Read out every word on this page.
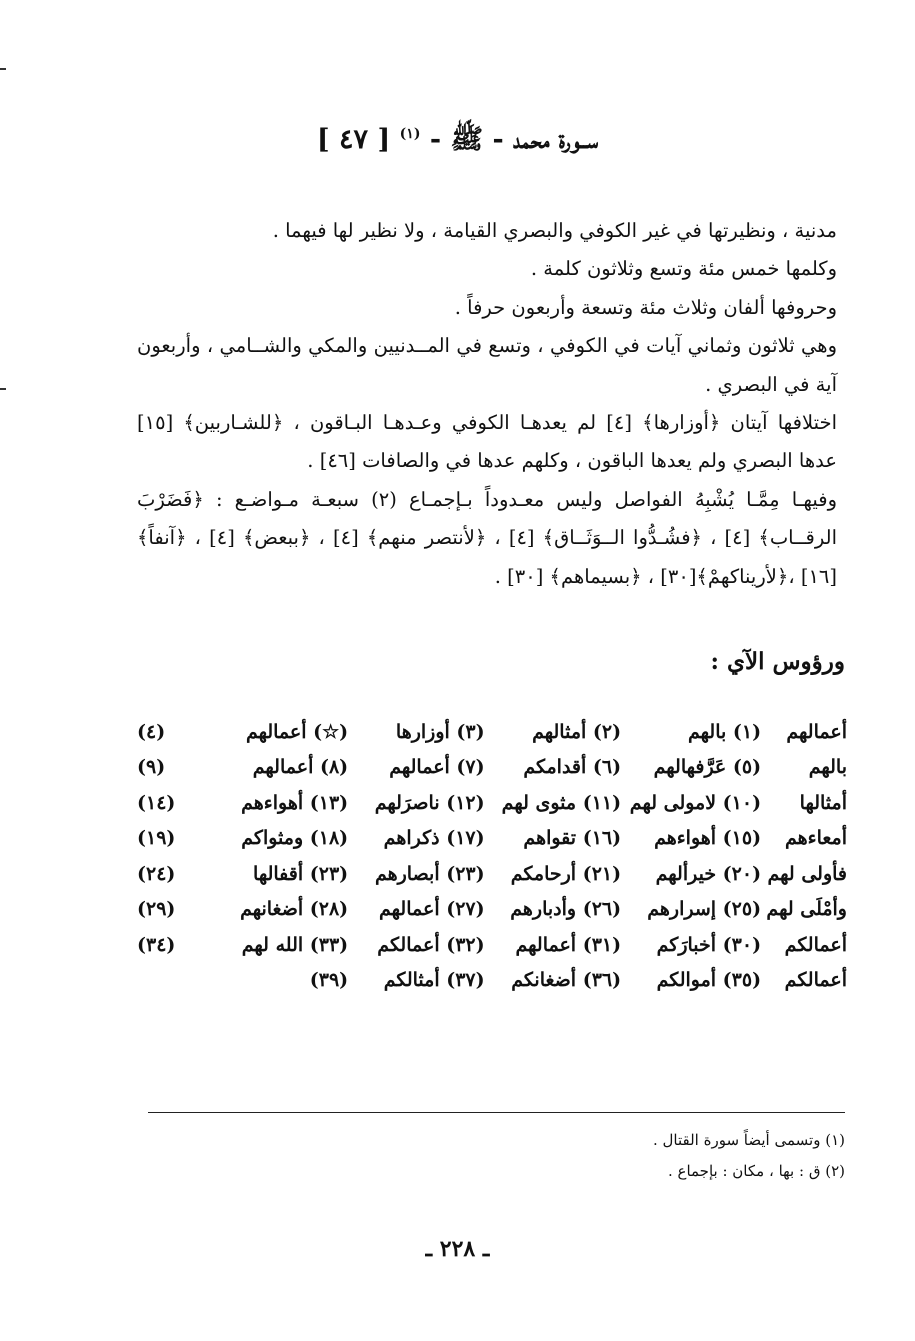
ســورة محمد - ﷺ - $^{(١)}$ [ ٤٧ ]

مدنية ، ونظيرتها في غير الكوفي والبصري القيامة ، ولا نظير لها فيهما .

وكلمها خمس مئة وتسع وثلاثون كلمة .

وحروفها ألفان وثلاث مئة وتسعة وأربعون حرفاً .

وهي ثلاثون وثماني آيات في الكوفي ، وتسع في المــدنيين والمكي والشــامي ، وأربعون آية في البصري .

اختلافها آيتان ﴿أوزارها﴾ [٤] لم يعدهـا الكوفي وعـدهـا البـاقون ، ﴿للشـاربين﴾ [١٥] عدها البصري ولم يعدها الباقون ، وكلهم عدها في والصافات [٤٦] .

وفيهـا مِمَّـا يُشْبِهُ الفواصل وليس معـدوداً بـإجمـاع (٢) سبعـة مـواضـع : ﴿فَضَرْبَ الرقــاب﴾ [٤] ، ﴿فشُـدُّوا الــوَثَــاق﴾ [٤] ، ﴿لأنتصر منهم﴾ [٤] ، ﴿ببعض﴾ [٤] ، ﴿آنفاً﴾ [١٦] ،﴿لأريناكهمْ﴾[٣٠] ، ﴿بسيماهم﴾ [٣٠] .

ورؤوس الآي :
أعمالهم	(١) بالهم	(٢) أمثالهم	(٣) أوزارها	(☆) أعمالهم	(٤)
بالهم	(٥) عَرَّفهالهم	(٦) أقدامكم	(٧) أعمالهم	(٨) أعمالهم	(٩)
أمثالها	(١٠) لامولى لهم	(١١) مثوى لهم	(١٢) ناصرَلهم	(١٣) أهواءهم	(١٤)
أمعاءهم	(١٥) أهواءهم	(١٦) تقواهم	(١٧) ذكراهم	(١٨) ومثواكم	(١٩)
فأولى لهم	(٢٠) خيرألهم	(٢١) أرحامكم	(٢٣) أبصارهم	(٢٣) أقفالها	(٢٤)
وأمْلَى لهم	(٢٥) إسرارهم	(٢٦) وأدبارهم	(٢٧) أعمالهم	(٢٨) أضغانهم	(٢٩)
أعمالكم	(٣٠) أخبارَكم	(٣١) أعمالهم	(٣٢) أعمالكم	(٣٣) الله لهم	(٣٤)
أعمالكم	(٣٥) أموالكم	(٣٦) أضغانكم	(٣٧) أمثالكم	(٣٩)	
(١) وتسمى أيضاً سورة القتال .
(٢) ق : بها ، مكان : بإجماع .
ـ ٢٢٨ ـ
